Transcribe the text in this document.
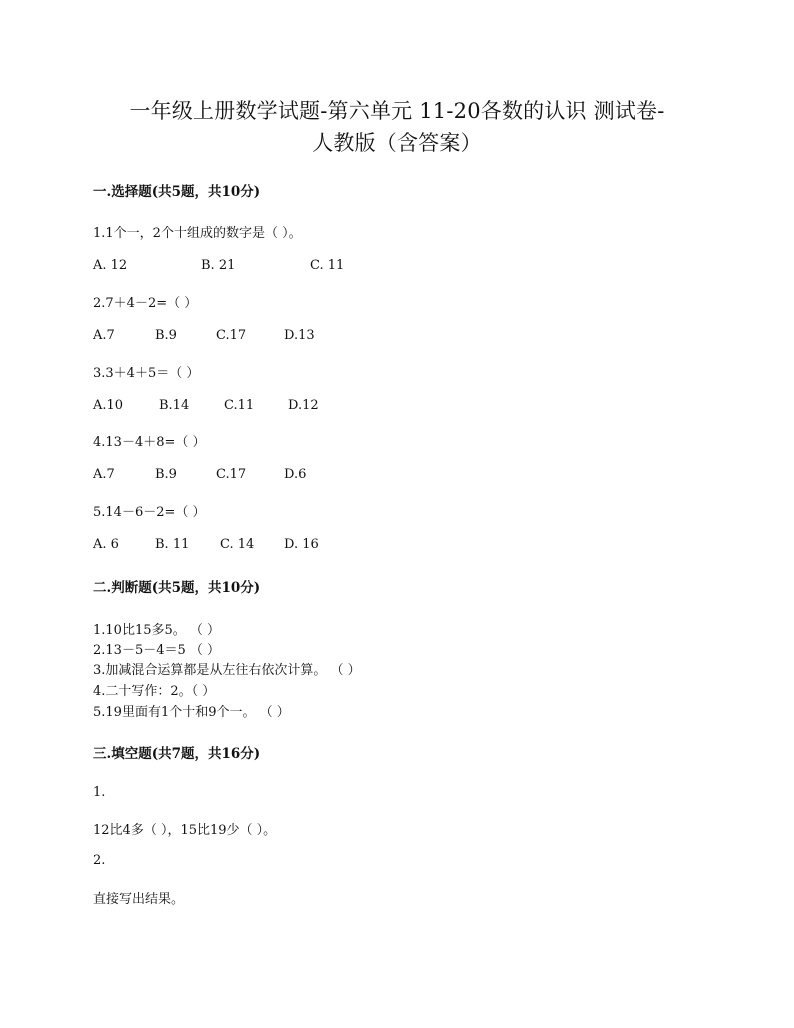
一年级上册数学试题-第六单元 11-20各数的认识 测试卷-
人教版（含答案）
一.选择题(共5题，共10分)
1.1个一，2个十组成的数字是（ ）。
A. 12	B. 21	C. 11
2.7＋4－2=（ ）
A.7	B.9	C.17	D.13
3.3＋4＋5＝（ ）
A.10	B.14	C.11	D.12
4.13－4＋8=（ ）
A.7	B.9	C.17	D.6
5.14－6－2=（ ）
A. 6	B. 11 C. 14 D. 16
二.判断题(共5题，共10分)
1.10比15多5。 （ ）
2.13－5－4＝5 （ ）
3.加减混合运算都是从左往右依次计算。 （ ）
4.二十写作：2。（ ）
5.19里面有1个十和9个一。 （ ）
三.填空题(共7题，共16分)
1.
12比4多（ ），15比19少（ ）。
2.
直接写出结果。
